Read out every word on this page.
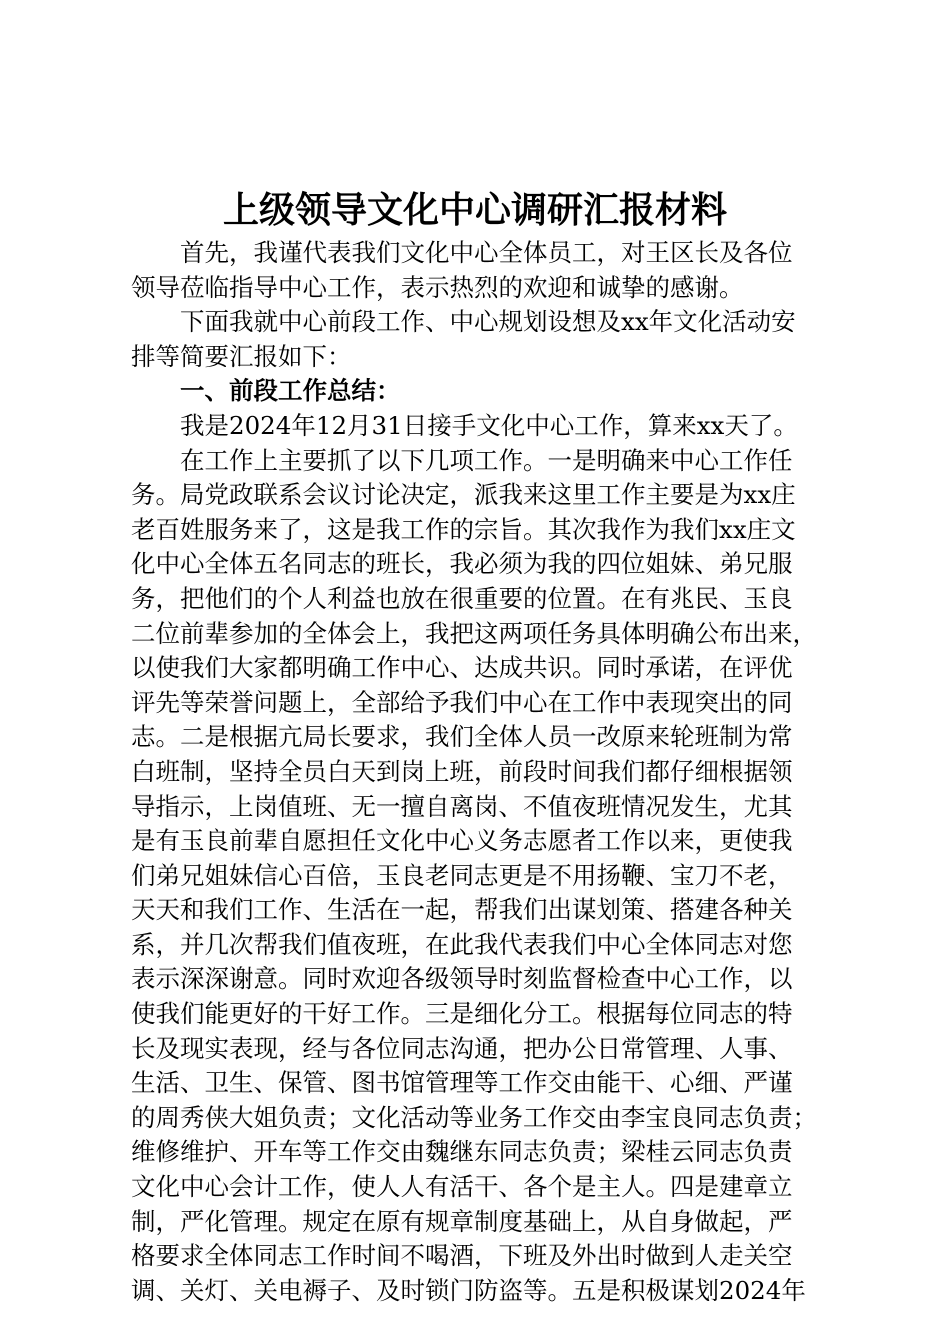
上级领导文化中心调研汇报材料
首先，我谨代表我们文化中心全体员工，对王区长及各位
领导莅临指导中心工作，表示热烈的欢迎和诚挚的感谢。
下面我就中心前段工作、中心规划设想及xx年文化活动安
排等简要汇报如下：
一、前段工作总结：
我是2024年12月31日接手文化中心工作，算来xx天了。
在工作上主要抓了以下几项工作。一是明确来中心工作任
务。局党政联系会议讨论决定，派我来这里工作主要是为xx庄
老百姓服务来了，这是我工作的宗旨。其次我作为我们xx庄文
化中心全体五名同志的班长，我必须为我的四位姐妹、弟兄服
务，把他们的个人利益也放在很重要的位置。在有兆民、玉良
二位前辈参加的全体会上，我把这两项任务具体明确公布出来，
以使我们大家都明确工作中心、达成共识。同时承诺，在评优
评先等荣誉问题上，全部给予我们中心在工作中表现突出的同
志。二是根据亢局长要求，我们全体人员一改原来轮班制为常
白班制，坚持全员白天到岗上班，前段时间我们都仔细根据领
导指示，上岗值班、无一擅自离岗、不值夜班情况发生，尤其
是有玉良前辈自愿担任文化中心义务志愿者工作以来，更使我
们弟兄姐妹信心百倍，玉良老同志更是不用扬鞭、宝刀不老，
天天和我们工作、生活在一起，帮我们出谋划策、搭建各种关
系，并几次帮我们值夜班，在此我代表我们中心全体同志对您
表示深深谢意。同时欢迎各级领导时刻监督检查中心工作，以
使我们能更好的干好工作。三是细化分工。根据每位同志的特
长及现实表现，经与各位同志沟通，把办公日常管理、人事、
生活、卫生、保管、图书馆管理等工作交由能干、心细、严谨
的周秀侠大姐负责；文化活动等业务工作交由李宝良同志负责；
维修维护、开车等工作交由魏继东同志负责；梁桂云同志负责
文化中心会计工作，使人人有活干、各个是主人。四是建章立
制，严化管理。规定在原有规章制度基础上，从自身做起，严
格要求全体同志工作时间不喝酒，下班及外出时做到人走关空
调、关灯、关电褥子、及时锁门防盗等。五是积极谋划2024年
